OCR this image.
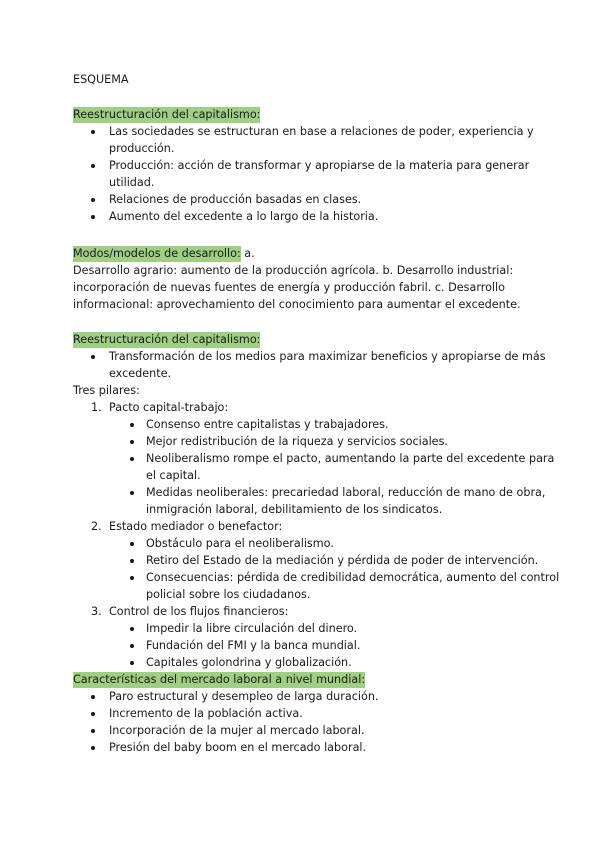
ESQUEMA
Reestructuración del capitalismo:
Las sociedades se estructuran en base a relaciones de poder, experiencia y
producción.
Producción: acción de transformar y apropiarse de la materia para generar
utilidad.
Relaciones de producción basadas en clases.
Aumento del excedente a lo largo de la historia.
Modos/modelos de desarrollo: a.
Desarrollo agrario: aumento de la producción agrícola. b. Desarrollo industrial:
incorporación de nuevas fuentes de energía y producción fabril. c. Desarrollo
informacional: aprovechamiento del conocimiento para aumentar el excedente.
Reestructuración del capitalismo:
Transformación de los medios para maximizar beneficios y apropiarse de más
excedente.
Tres pilares:
1. Pacto capital-trabajo:
Consenso entre capitalistas y trabajadores.
Mejor redistribución de la riqueza y servicios sociales.
Neoliberalismo rompe el pacto, aumentando la parte del excedente para
el capital.
Medidas neoliberales: precariedad laboral, reducción de mano de obra,
inmigración laboral, debilitamiento de los sindicatos.
2. Estado mediador o benefactor:
Obstáculo para el neoliberalismo.
Retiro del Estado de la mediación y pérdida de poder de intervención.
Consecuencias: pérdida de credibilidad democrática, aumento del control
policial sobre los ciudadanos.
3. Control de los flujos financieros:
Impedir la libre circulación del dinero.
Fundación del FMI y la banca mundial.
Capitales golondrina y globalización.
Características del mercado laboral a nivel mundial:
Paro estructural y desempleo de larga duración.
Incremento de la población activa.
Incorporación de la mujer al mercado laboral.
Presión del baby boom en el mercado laboral.
